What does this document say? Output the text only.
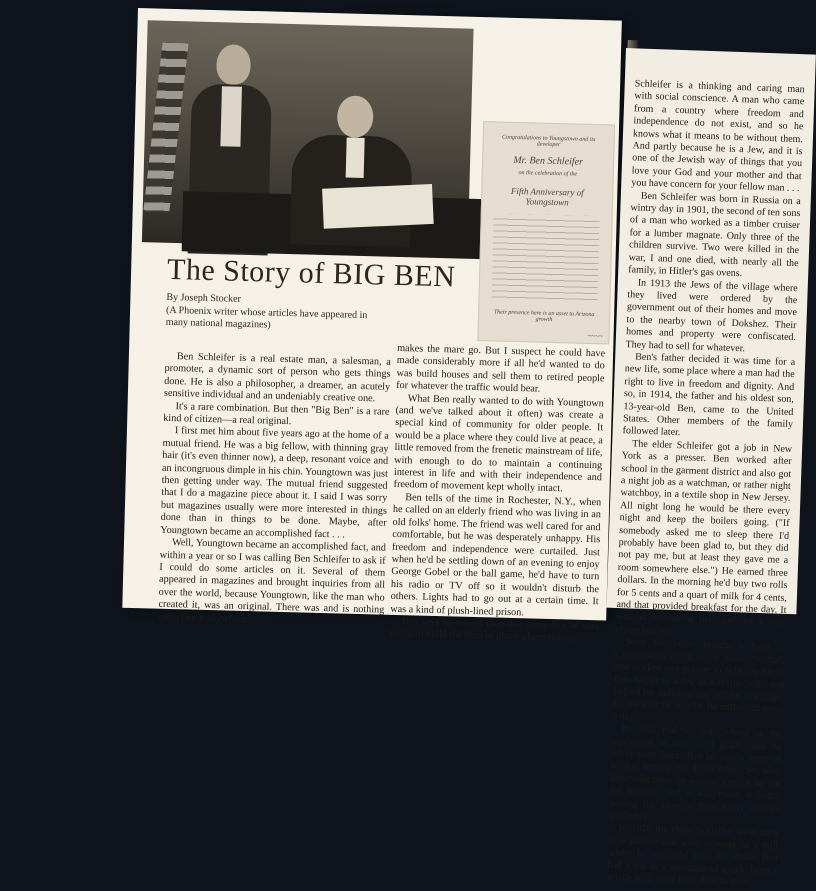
Congratulations to Youngstown and its developer
Mr. Ben Schleifer
on the celebration of the
Fifth Anniversary of Youngstown
Their presence here is an asset to Arizona growth
~~~~
The Story of BIG BEN
By Joseph Stocker
(A Phoenix writer whose articles have appeared in many national magazines)

Ben Schleifer is a real estate man, a salesman, a promoter, a dynamic sort of person who gets things done. He is also a philosopher, a dreamer, an acutely sensitive individual and an undeniably creative one.

It's a rare combination. But then "Big Ben" is a rare kind of citizen—a real original.

I first met him about five years ago at the home of a mutual friend. He was a big fellow, with thinning gray hair (it's even thinner now), a deep, resonant voice and an incongruous dimple in his chin. Youngtown was just then getting under way. The mutual friend suggested that I do a magazine piece about it. I said I was sorry but magazines usually were more interested in things done than in things to be done. Maybe, after Youngtown became an accomplished fact . . .

Well, Youngtown became an accomplished fact, and within a year or so I was calling Ben Schleifer to ask if I could do some articles on it. Several of them appeared in magazines and brought inquiries from all over the world, because Youngtown, like the man who created it, was an original. There was and is nothing quite like it anywhere.

makes the mare go. But I suspect he could have made considerably more if all he'd wanted to do was build houses and sell them to retired people for whatever the traffic would bear.

What Ben really wanted to do with Youngtown (and we've talked about it often) was create a special kind of community for older people. It would be a place where they could live at peace, a little removed from the frenetic mainstream of life, with enough to do to maintain a continuing interest in life and with their independence and freedom of movement kept wholly intact.

Ben tells of the time in Rochester, N.Y., when he called on an elderly friend who was living in an old folks' home. The friend was well cared for and comfortable, but he was desperately unhappy. His freedom and independence were curtailed. Just when he'd be settling down of an evening to enjoy George Gobel or the ball game, he'd have to turn his radio or TV off so it wouldn't disturb the others. Lights had to go out at a certain time. It was a kind of plush-lined prison.

Ben says he vowed then that some day he was going to build the kind of place where elderly

Schleifer is a thinking and caring man with social conscience. A man who came from a country where freedom and independence do not exist, and so he knows what it means to be without them. And partly because he is a Jew, and it is one of the Jewish way of things that you love your God and your mother and that you have concern for your fellow man . . .

Ben Schleifer was born in Russia on a wintry day in 1901, the second of ten sons of a man who worked as a timber cruiser for a lumber magnate. Only three of the children survive. Two were killed in the war, I and one died, with nearly all the family, in Hitler's gas ovens.

In 1913 the Jews of the village where they lived were ordered by the government out of their homes and move to the nearby town of Dokshez. Their homes and property were confiscated. They had to sell for whatever.

Ben's father decided it was time for a new life, some place where a man had the right to live in freedom and dignity. And so, in 1914, the father and his oldest son, 13-year-old Ben, came to the United States. Other members of the family followed later.

The elder Schleifer got a job in New York as a presser. Ben worked after school in the garment district and also got a night job as a watchman, or rather night watchboy, in a textile shop in New Jersey. All night long he would be there every night and keep the boilers going. ("If somebody asked me to sleep there I'd probably have been glad to, but they did not pay me, but at least they gave me a room somewhere else.") He earned three dollars. In the morning he'd buy two rolls for 5 cents and a quart of milk for 4 cents, and that provided breakfast for the day. It was an interesting life, and not a very rewarding one.

Soon his father bought a farm in Connecticut, using every penny he had, and worked as a presser to help pay for it. Ben began to work in a textile mill, and helped his father to pay off the mortgage. By the time he was 16, he milked 22 cows a day.

He had had to stop school at the equivalent of our third grade, and he never went back. But he was a lover of books, hungry for knowledge. So what little education he was to acquire he got for himself, and it was more at home among the classics than many college graduates.

In 1918 the elder Schleifer went back as a presser and went to work in a mill where he remained until his death. Ben had a job as a salesman of goods from a textile mill, went from door to door.
